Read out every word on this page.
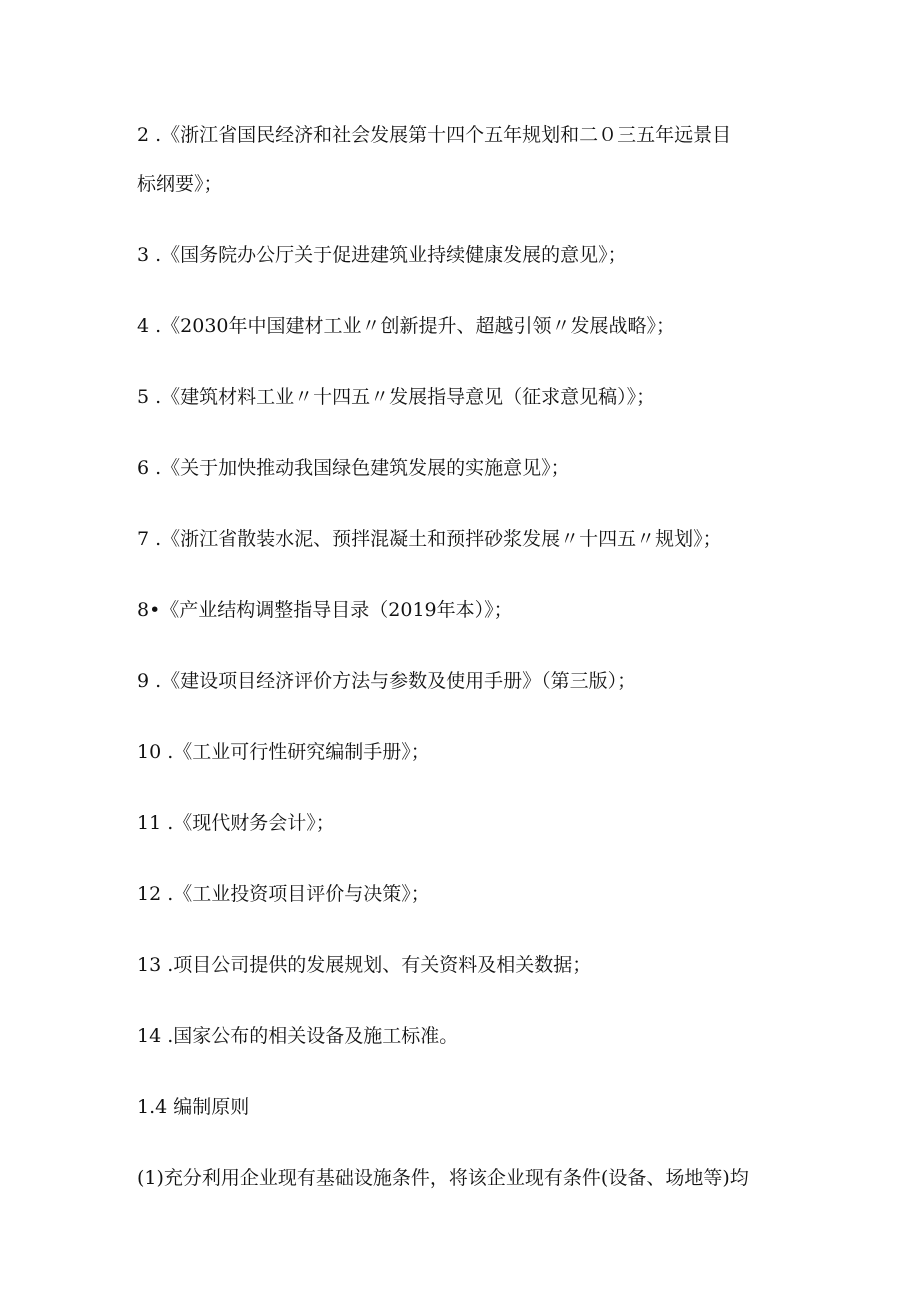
2 .《浙江省国民经济和社会发展第十四个五年规划和二０三五年远景目
标纲要》；
3 .《国务院办公厅关于促进建筑业持续健康发展的意见》；
4 .《2030年中国建材工业〃创新提升、超越引领〃发展战略》；
5 .《建筑材料工业〃十四五〃发展指导意见（征求意见稿）》；
6 .《关于加快推动我国绿色建筑发展的实施意见》；
7 .《浙江省散装水泥、预拌混凝土和预拌砂浆发展〃十四五〃规划》；
8•《产业结构调整指导目录（2019年本）》；
9 .《建设项目经济评价方法与参数及使用手册》（第三版）；
10 .《工业可行性研究编制手册》；
11 .《现代财务会计》；
12 .《工业投资项目评价与决策》；
13 .项目公司提供的发展规划、有关资料及相关数据；
14 .国家公布的相关设备及施工标准。
1.4 编制原则
(1)充分利用企业现有基础设施条件，将该企业现有条件(设备、场地等)均
